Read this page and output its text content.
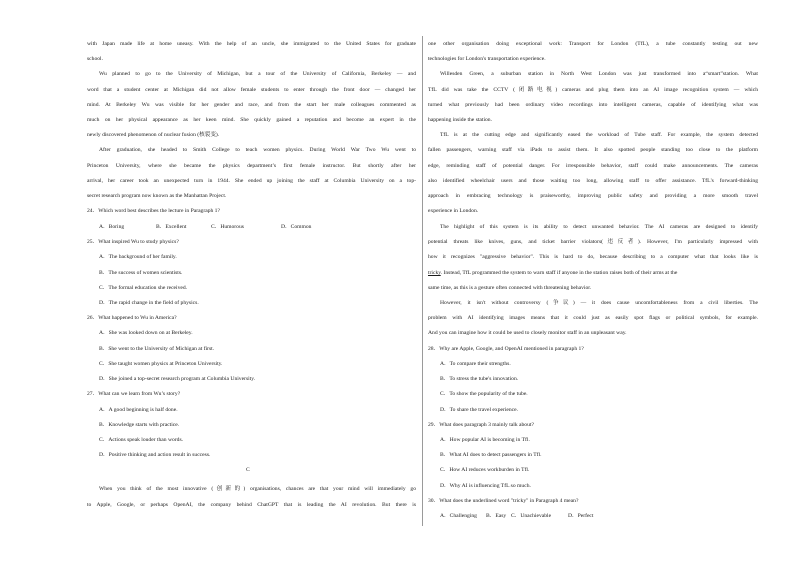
with Japan made life at home uneasy. With the help of an uncle, she immigrated to the United States for graduate
school.
Wu planned to go to the University of Michigan, but a tour of the University of California, Berkeley — and
word that a student center at Michigan did not allow female students to enter through the front door — changed her
mind. At Berkeley Wu was visible for her gender and race, and from the start her male colleagues commented as
much on her physical appearance as her keen mind. She quickly gained a reputation and become an expert in the
newly discovered phenomenon of nuclear fusion (核裂变).
After graduation, she headed to Smith College to teach women physics. During World War Two Wu went to
Princeton University, where she became the physics department’s first female instructor. But shortly after her
arrival, her career took an unexpected turn in 1944. She ended up joining the staff at Columbia University on a top-
secret research program now known as the Manhattan Project.
24．Which word best describes the lecture in Paragraph 1?
A．Boring	B．Excellent	C．Humorous	D．Common
25．What inspired Wu to study physics?
A．The background of her family.
B．The success of women scientists.
C．The formal education she received.
D．The rapid change in the field of physics.
26．What happened to Wu in America?
A．She was looked down on at Berkeley.
B．She went to the University of Michigan at first.
C．She taught women physics at Princeton University.
D．She joined a top-secret research program at Columbia University.
27．What can we learn from Wu’s story?
A．A good beginning is half done.
B．Knowledge starts with practice.
C．Actions speak louder than words.
D．Positive thinking and action result in success.
C
When you think of the most innovative (创新的) organisations, chances are that your mind will immediately go
to Apple, Google, or perhaps OpenAI, the company behind ChatGPT that is leading the AI revolution. But there is
one other organisation doing exceptional work: Transport for London (TfL), a tube constantly testing out new
technologies for London's transportation experience.
Willesden Green, a suburban station in North West London was just transformed into a“smart”station. What
TfL did was take the CCTV (闭路电视) cameras and plug them into an AI image recognition system — which
turned what previously had been ordinary video recordings into intelligent cameras, capable of identifying what was
happening inside the station.
TfL is at the cutting edge and significantly eased the workload of Tube staff. For example, the system detected
fallen passengers, warning staff via iPads to assist them. It also spotted people standing too close to the platform
edge, reminding staff of potential danger. For irresponsible behavior, staff could make announcements. The cameras
also identified wheelchair users and those waiting too long, allowing staff to offer assistance. TfL's forward-thinking
approach in embracing technology is praiseworthy, improving public safety and providing a more smooth travel
experience in London.
The highlight of this system is its ability to detect unwanted behavior. The AI cameras are designed to identify
potential threats like knives, guns, and ticket barrier violators(违反者). However, I'm particularly impressed with
how it recognizes "aggressive behavior". This is hard to do, because describing to a computer what that looks like is
tricky. Instead, TfL programmed the system to warn staff if anyone in the station raises both of their arms at the
same time, as this is a gesture often connected with threatening behavior.
However, it isn't without controversy (争议) — it does cause uncomfortableness from a civil liberties. The
problem with AI identifying images means that it could just as easily spot flags or political symbols, for example.
And you can imagine how it could be used to closely monitor staff in an unpleasant way.
28．Why are Apple, Google, and OpenAI mentioned in paragraph 1?
A．To compare their strengths.
B．To stress the tube's innovation.
C．To show the popularity of the tube.
D．To share the travel experience.
29．What does paragraph 3 mainly talk about?
A．How popular AI is becoming in Tfl.
B．What AI does to detect passengers in Tfl.
C．How AI reduces workburden in Tfl.
D．Why AI is influencing TfL so much.
30．What does the underlined word "tricky" in Paragraph 4 mean?
A．Challenging B．Easy C．Unachievable	D．Perfect
